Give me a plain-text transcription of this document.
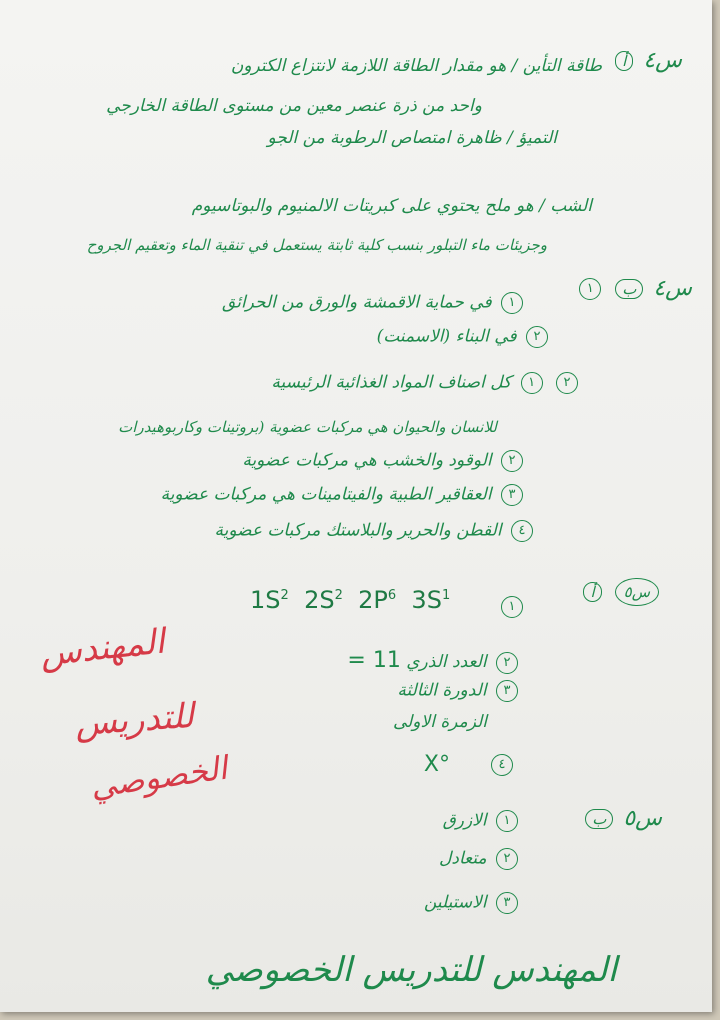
س٤ أ
طاقة التأين / هو مقدار الطاقة اللازمة لانتزاع الكترون
واحد من ذرة عنصر معين من مستوى الطاقة الخارجي
التميؤ / ظاهرة امتصاص الرطوبة من الجو
الشب / هو ملح يحتوي على كبريتات الالمنيوم والبوتاسيوم
وجزيئات ماء التبلور بنسب كلية ثابتة يستعمل في تنقية الماء وتعقيم الجروح
س٤ ب ١
١ في حماية الاقمشة والورق من الحرائق
٢ في البناء (الاسمنت)
٢ ١ كل اصناف المواد الغذائية الرئيسية
للانسان والحيوان هي مركبات عضوية (بروتينات وكاربوهيدرات
٢ الوقود والخشب هي مركبات عضوية
٣ العقاقير الطبية والفيتامينات هي مركبات عضوية
٤ القطن والحرير والبلاستك مركبات عضوية
س٥ أ
١
$1S^2$ $2S^2$ $2P^6$ $3S^1$
٢ العدد الذري = 11
٣ الدورة الثالثة
الزمرة الاولى
٤ X°
س٥ ب
١ الازرق
٢ متعادل
٣ الاستيلين
المهندس
للتدريس
الخصوصي
المهندس للتدريس الخصوصي
